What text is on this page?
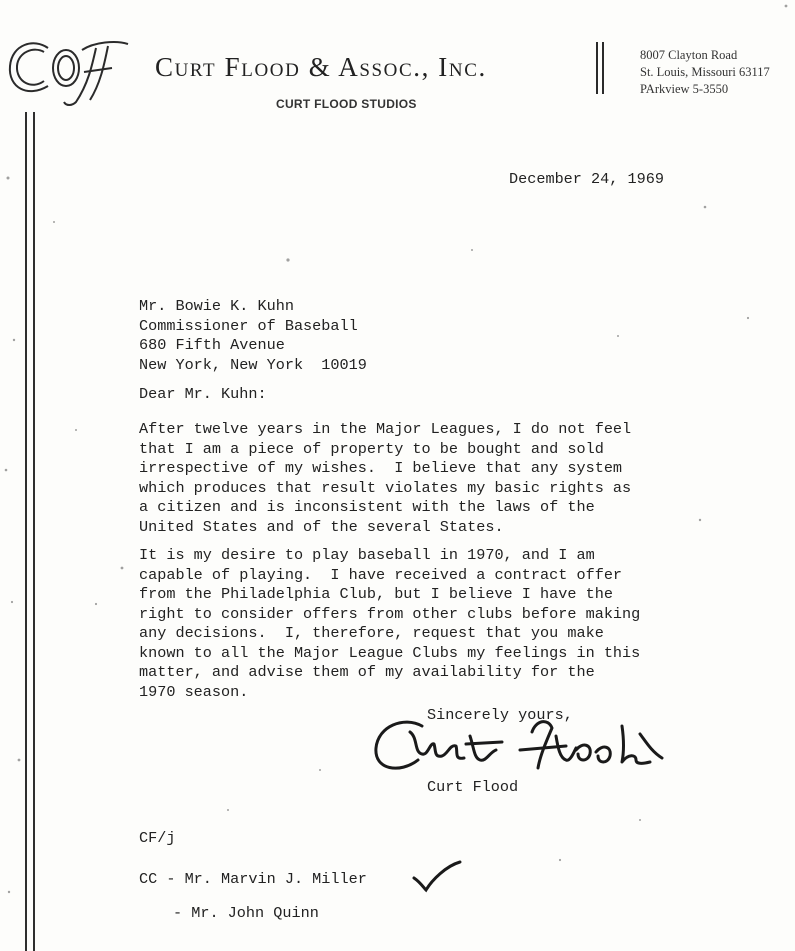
Curt Flood & Assoc., Inc.
CURT FLOOD STUDIOS
8007 Clayton Road
St. Louis, Missouri 63117
PArkview 5-3550
December 24, 1969
Mr. Bowie K. Kuhn
Commissioner of Baseball
680 Fifth Avenue
New York, New York  10019
Dear Mr. Kuhn:
After twelve years in the Major Leagues, I do not feel
that I am a piece of property to be bought and sold
irrespective of my wishes.  I believe that any system
which produces that result violates my basic rights as
a citizen and is inconsistent with the laws of the
United States and of the several States.
It is my desire to play baseball in 1970, and I am
capable of playing.  I have received a contract offer
from the Philadelphia Club, but I believe I have the
right to consider offers from other clubs before making
any decisions.  I, therefore, request that you make
known to all the Major League Clubs my feelings in this
matter, and advise them of my availability for the
1970 season.
Sincerely yours,
Curt Flood
CF/j
CC - Mr. Marvin J. Miller
- Mr. John Quinn
